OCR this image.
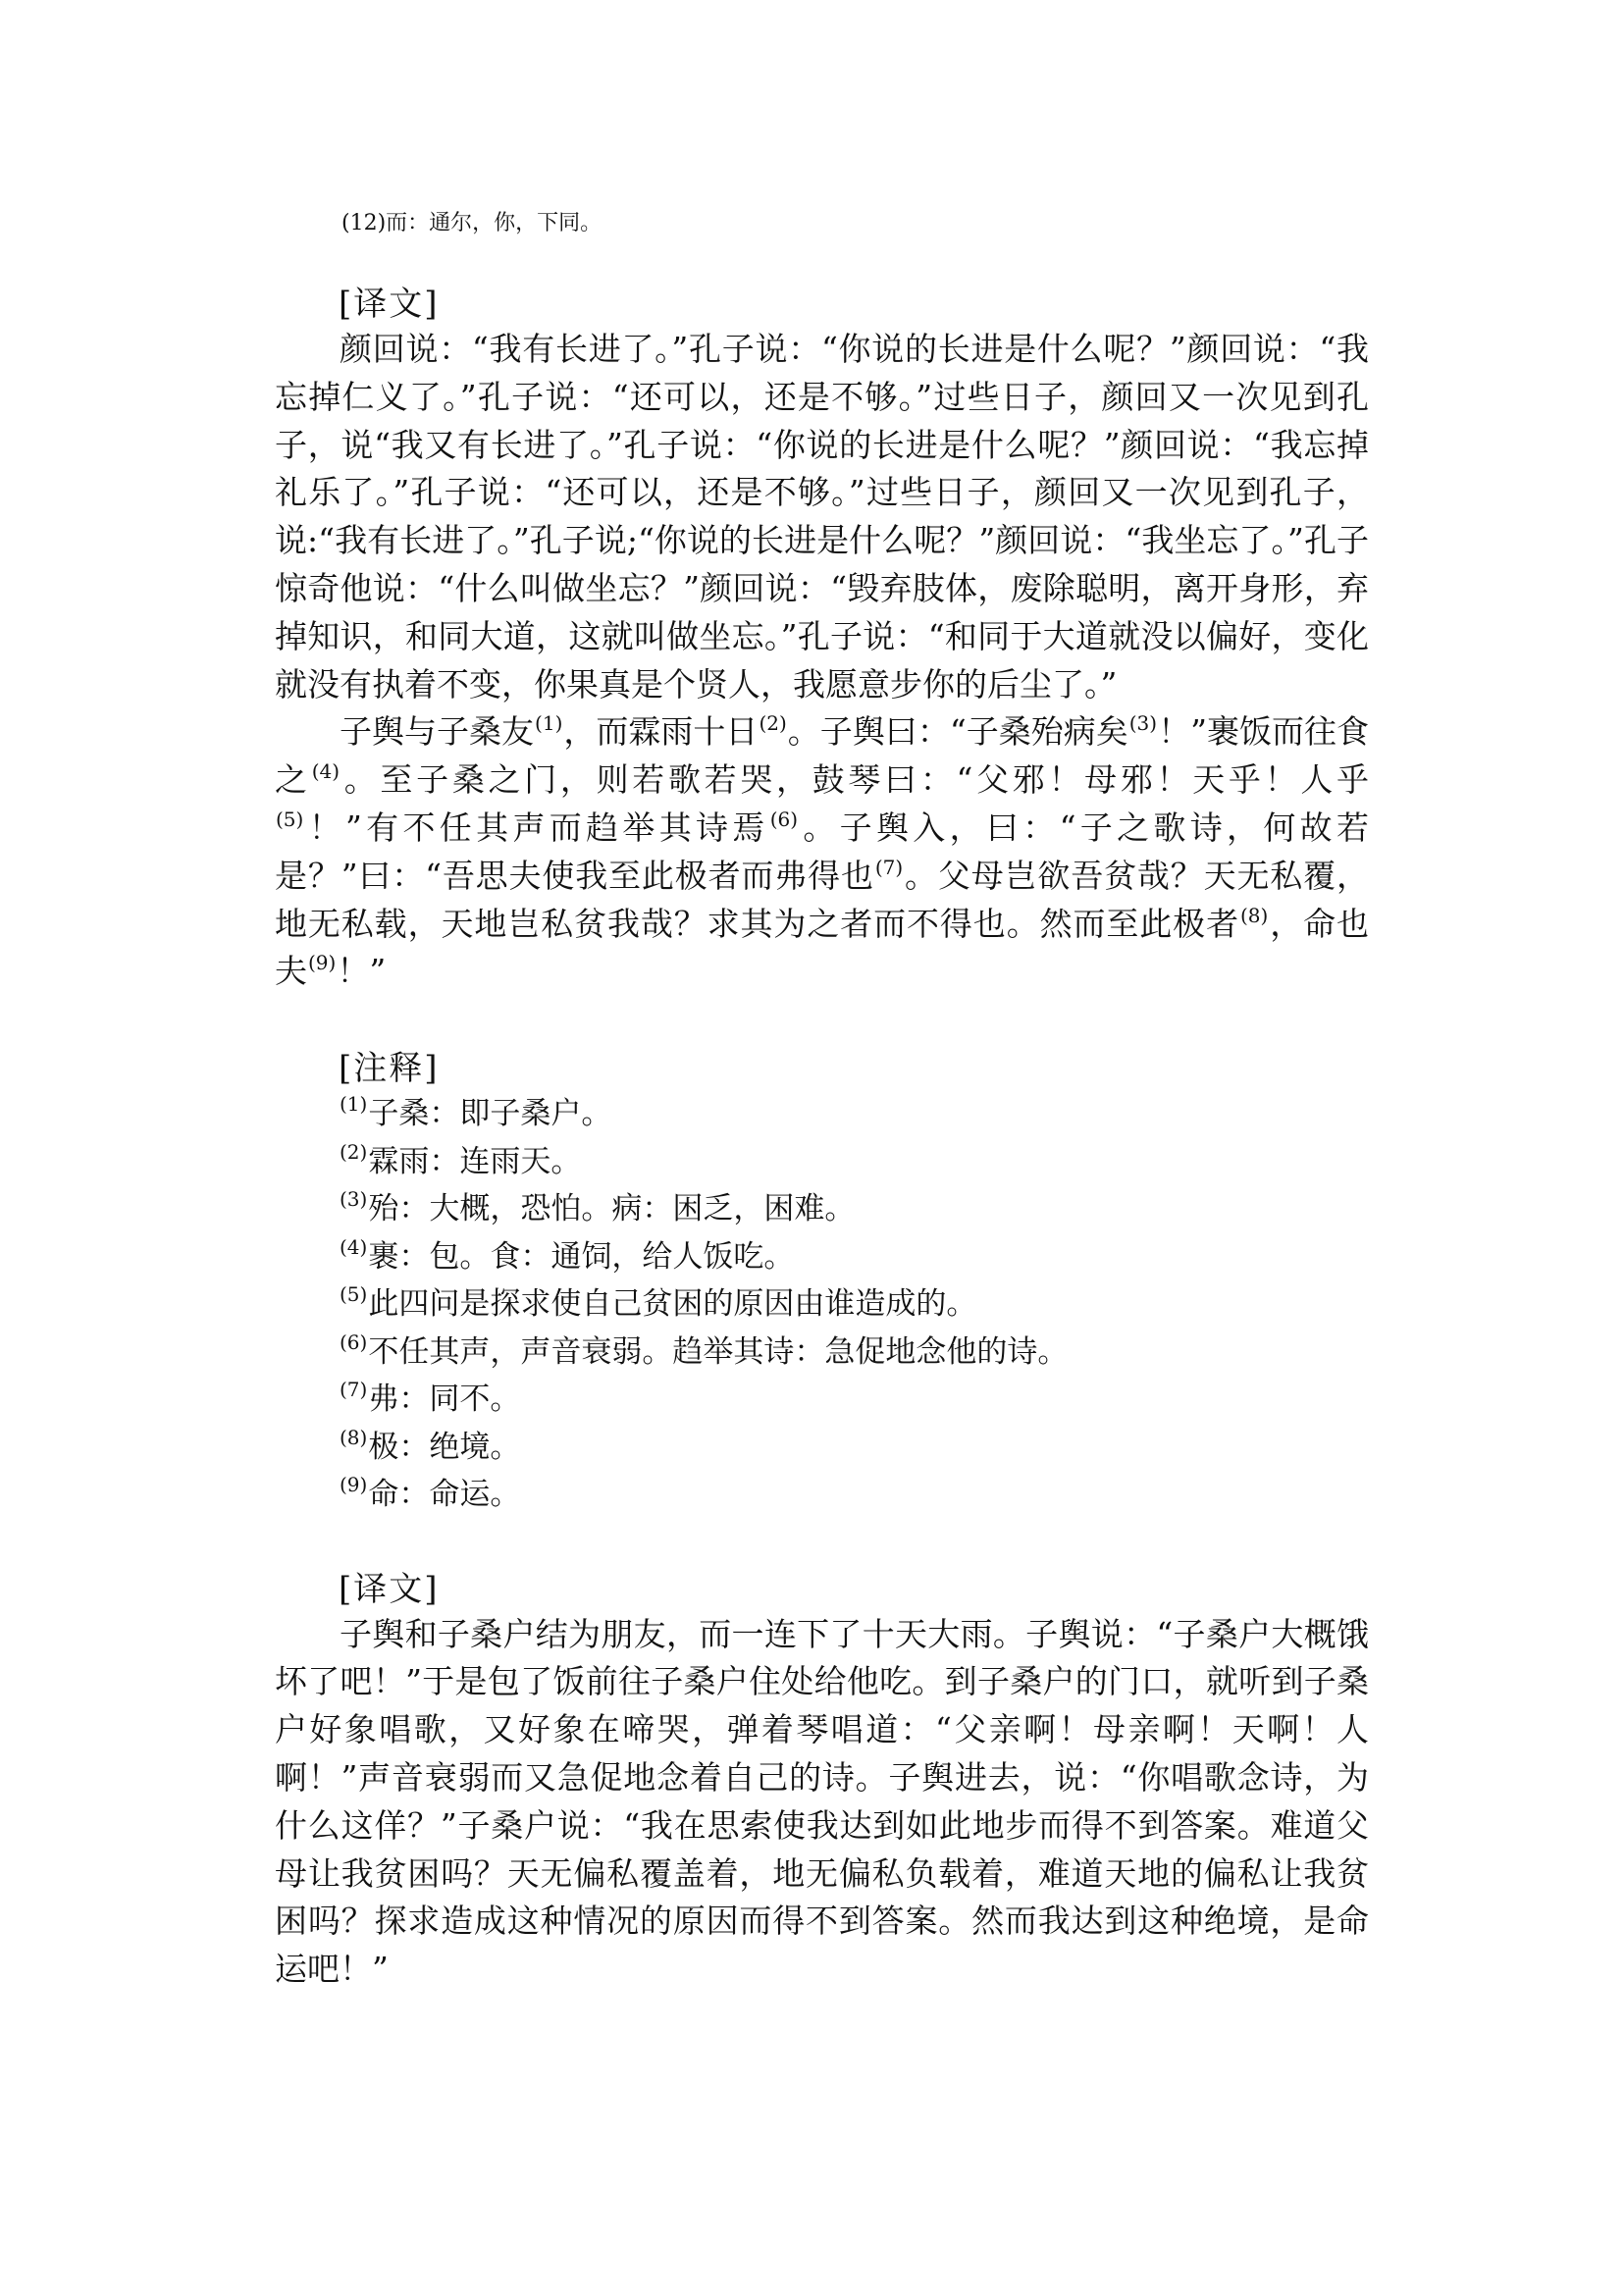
(12)而：通尔，你，下同。
[译文]

颜回说：“我有长进了。”孔子说：“你说的长进是什么呢？”颜回说：“我忘掉仁义了。”孔子说：“还可以，还是不够。”过些日子，颜回又一次见到孔子，说“我又有长进了。”孔子说：“你说的长进是什么呢？”颜回说：“我忘掉礼乐了。”孔子说：“还可以，还是不够。”过些日子，颜回又一次见到孔子，说:“我有长进了。”孔子说;“你说的长进是什么呢？”颜回说：“我坐忘了。”孔子惊奇他说：“什么叫做坐忘？”颜回说：“毁弃肢体，废除聪明，离开身形，弃掉知识，和同大道，这就叫做坐忘。”孔子说：“和同于大道就没以偏好，变化就没有执着不变，你果真是个贤人，我愿意步你的后尘了。”

子舆与子桑友$^{(1)}$，而霖雨十日$^{(2)}$。子舆曰：“子桑殆病矣$^{(3)}$！”裹饭而往食之$^{(4)}$。至子桑之门，则若歌若哭，鼓琴曰：“父邪！母邪！天乎！人乎$^{(5)}$！”有不任其声而趋举其诗焉$^{(6)}$。子舆入，曰：“子之歌诗，何故若是？”曰：“吾思夫使我至此极者而弗得也$^{(7)}$。父母岂欲吾贫哉？天无私覆，地无私载，天地岂私贫我哉？求其为之者而不得也。然而至此极者$^{(8)}$，命也夫$^{(9)}$！”

[注释]
$^{(1)}$子桑：即子桑户。
$^{(2)}$霖雨：连雨天。
$^{(3)}$殆：大概，恐怕。病：困乏，困难。
$^{(4)}$裹：包。食：通饲，给人饭吃。
$^{(5)}$此四问是探求使自己贫困的原因由谁造成的。
$^{(6)}$不任其声，声音衰弱。趋举其诗：急促地念他的诗。
$^{(7)}$弗：同不。
$^{(8)}$极：绝境。
$^{(9)}$命：命运。
[译文]

子舆和子桑户结为朋友，而一连下了十天大雨。子舆说：“子桑户大概饿坏了吧！”于是包了饭前往子桑户住处给他吃。到子桑户的门口，就听到子桑户好象唱歌，又好象在啼哭，弹着琴唱道：“父亲啊！母亲啊！天啊！人啊！”声音衰弱而又急促地念着自己的诗。子舆进去，说：“你唱歌念诗，为什么这佯？”子桑户说：“我在思索使我达到如此地步而得不到答案。难道父母让我贫困吗？天无偏私覆盖着，地无偏私负载着，难道天地的偏私让我贫困吗？探求造成这种情况的原因而得不到答案。然而我达到这种绝境，是命运吧！”
